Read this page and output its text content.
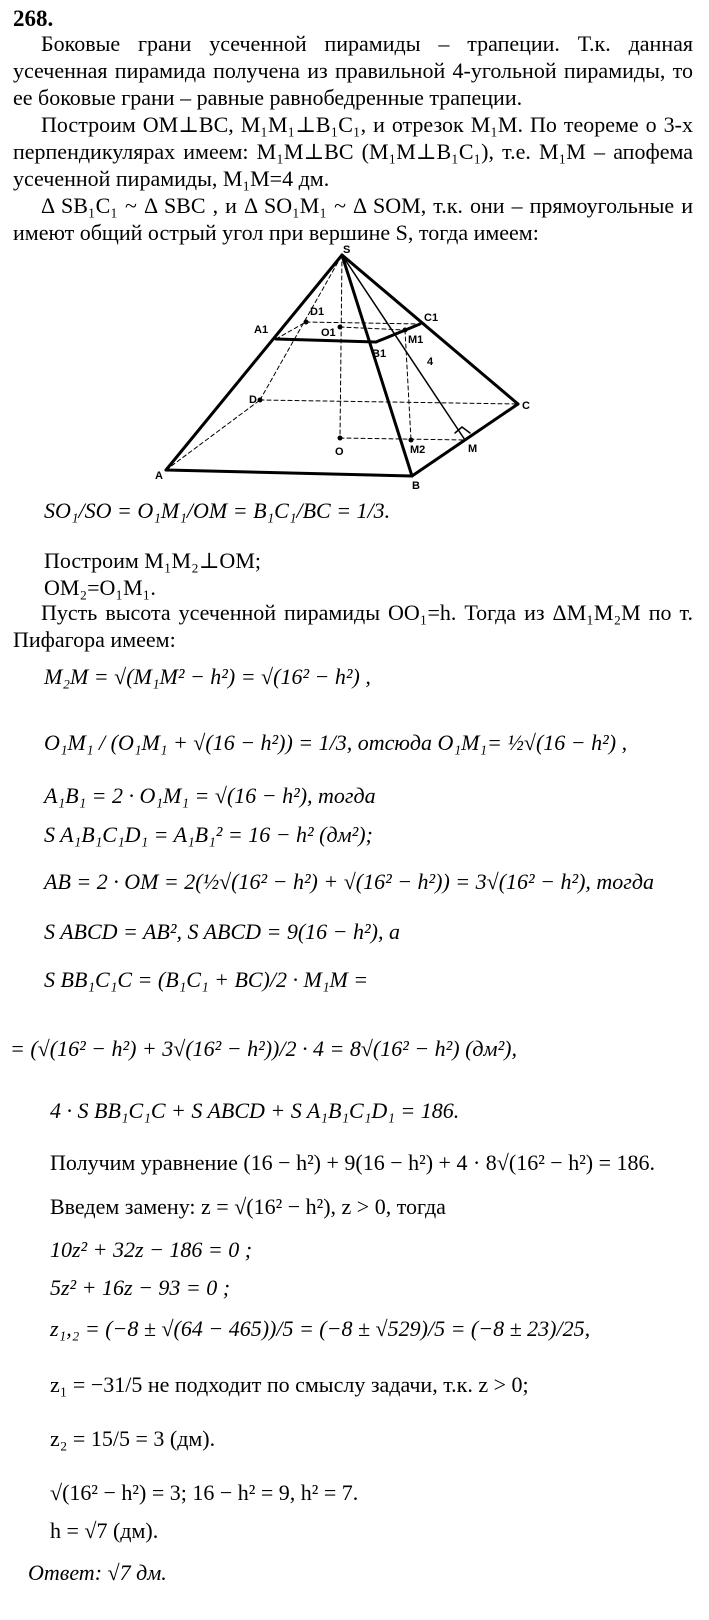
268.
Боковые грани усеченной пирамиды – трапеции. Т.к. данная усеченная пирамида получена из правильной 4-угольной пирамиды, то ее боковые грани – равные равнобедренные трапеции.
Построим OM⊥BC, M₁M₁⊥B₁C₁, и отрезок M₁M. По теореме о 3-х перпендикулярах имеем: M₁M⊥BC (M₁M⊥B₁C₁), т.е. M₁M – апофема усеченной пирамиды, M₁M=4 дм.
Δ SB₁C₁ ~ Δ SBC , и Δ SO₁M₁ ~ Δ SOM, т.к. они – прямоугольные и имеют общий острый угол при вершине S, тогда имеем:
S
A1
D1
O1
C1
B1
M1
4
D	C
O	M2	M
A
B
SO₁/SO = O₁M₁/OM = B₁C₁/BC = 1/3.
Построим M₁M₂⊥OM;
OM₂=O₁M₁.
Пусть высота усеченной пирамиды OO₁=h. Тогда из ΔM₁M₂M по т. Пифагора имеем:
M₂M = √(M₁M² − h²) = √(16² − h²) ,
O₁M₁ / (O₁M₁ + √(16 − h²)) = 1/3, отсюда O₁M₁= ½√(16 − h²) ,
A₁B₁ = 2 · O₁M₁ = √(16 − h²), тогда
S A₁B₁C₁D₁ = A₁B₁² = 16 − h² (дм²);
AB = 2 · OM = 2(½√(16² − h²) + √(16² − h²)) = 3√(16² − h²), тогда
S ABCD = AB², S ABCD = 9(16 − h²), а
S BB₁C₁C = (B₁C₁ + BC)/2 · M₁M =
= (√(16² − h²) + 3√(16² − h²))/2 · 4 = 8√(16² − h²) (дм²),
4 · S BB₁C₁C + S ABCD + S A₁B₁C₁D₁ = 186.
Получим уравнение (16 − h²) + 9(16 − h²) + 4 · 8√(16² − h²) = 186.
Введем замену: z = √(16² − h²), z > 0, тогда
10z² + 32z − 186 = 0 ;
5z² + 16z − 93 = 0 ;
z₁,₂ = (−8 ± √(64 − 465))/5 = (−8 ± √529)/5 = (−8 ± 23)/25,
z₁ = −31/5 не подходит по смыслу задачи, т.к. z > 0;
z₂ = 15/5 = 3 (дм).
√(16² − h²) = 3; 16 − h² = 9, h² = 7.
h = √7 (дм).
Ответ: √7 дм.
